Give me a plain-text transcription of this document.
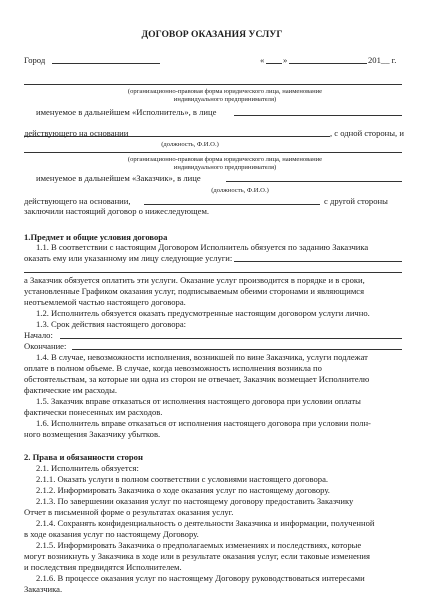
ДОГОВОР ОКАЗАНИЯ УСЛУГ
Город	« »	201__ г.
(организационно-правовая форма юридического лица, наименование
индивидуального предпринимателя)
именуемое в дальнейшем «Исполнитель», в лице
действующего на основании	, с одной стороны, и
(должность, Ф.И.О.)
(организационно-правовая форма юридического лица, наименование
индивидуального предпринимателя)
именуемое в дальнейшем «Заказчик», в лице
(должность, Ф.И.О.)
действующего на основании,	с другой стороны
заключили настоящий договор о нижеследующем.
1.Предмет и общие условия договора
1.1. В соответствии с настоящим Договором Исполнитель обязуется по заданию Заказчика
оказать ему или указанному им лицу следующие услуги:
а Заказчик обязуется оплатить эти услуги. Оказание услуг производится в порядке и в сроки,
установленные Графиком оказания услуг, подписываемым обеими сторонами и являющимся
неотъемлемой частью настоящего договора.
1.2. Исполнитель обязуется оказать предусмотренные настоящим договором услуги лично.
1.3. Срок действия настоящего договора:
Начало:
Окончание:
1.4. В случае, невозможности исполнения, возникшей по вине Заказчика, услуги подлежат
оплате в полном объеме. В случае, когда невозможность исполнения возникла по
обстоятельствам, за которые ни одна из сторон не отвечает, Заказчик возмещает Исполнителю
фактические им расходы.
1.5. Заказчик вправе отказаться от исполнения настоящего договора при условии оплаты
фактически понесенных им расходов.
1.6. Исполнитель вправе отказаться от исполнения настоящего договора при условии полн-
ного возмещения Заказчику убытков.
2. Права и обязанности сторон
2.1. Исполнитель обязуется:
2.1.1. Оказать услуги в полном соответствии с условиями настоящего договора.
2.1.2. Информировать Заказчика о ходе оказания услуг по настоящему договору.
2.1.3. По завершении оказания услуг по настоящему договору предоставить Заказчику
Отчет в письменной форме о результатах оказания услуг.
2.1.4. Сохранять конфиденциальность о деятельности Заказчика и информации, полученной
в ходе оказания услуг по настоящему Договору.
2.1.5. Информировать Заказчика о предполагаемых изменениях и последствиях, которые
могут возникнуть у Заказчика в ходе или в результате оказания услуг, если таковые изменения
и последствия предвидятся Исполнителем.
2.1.6. В процессе оказания услуг по настоящему Договору руководствоваться интересами
Заказчика.
